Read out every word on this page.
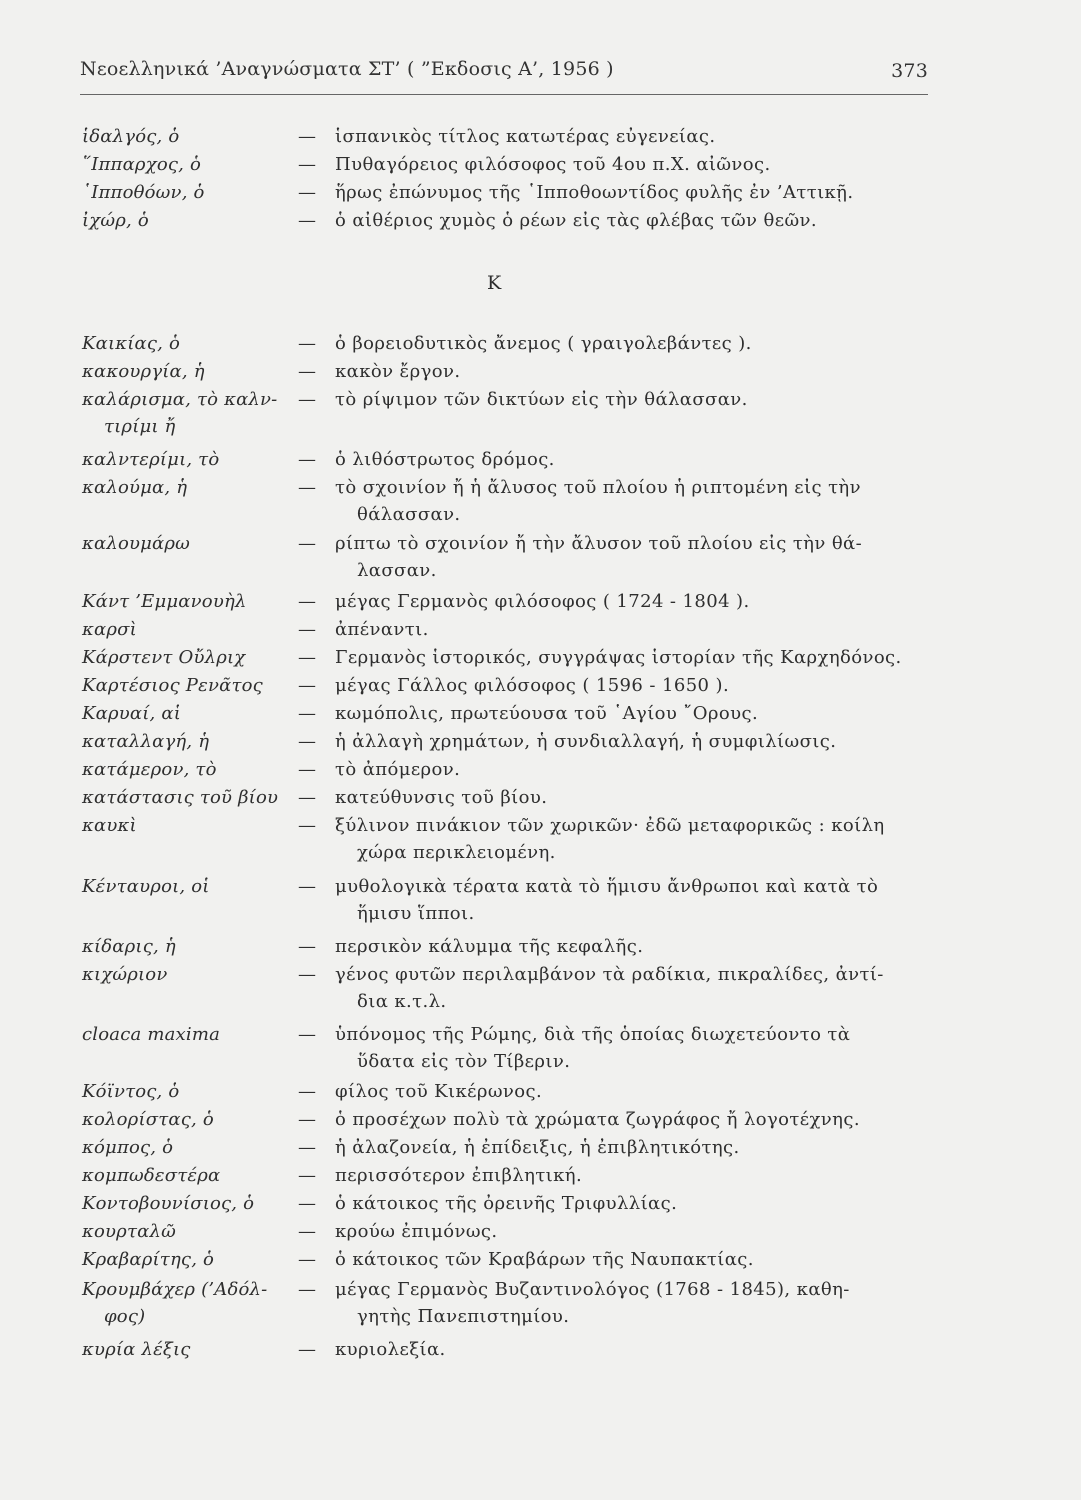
Νεοελληνικά ’Αναγνώσματα ΣΤ’ ( ”Εκδοσις Α’, 1956 )	373
Κ
ἱδαλγός, ὁ	—	ἱσπανικὸς τίτλος κατωτέρας εὐγενείας.
῞Ιππαρχος, ὁ	—	Πυθαγόρειος φιλόσοφος τοῦ 4ου π.Χ. αἰῶνος.
῾Ιπποθόων, ὁ	—	ἥρως ἐπώνυμος τῆς ῾Ιπποθοωντίδος φυλῆς ἐν ’Αττικῇ.
ἰχώρ, ὁ	—	ὁ αἰθέριος χυμὸς ὁ ρέων εἰς τὰς φλέβας τῶν θεῶν.
Καικίας, ὁ	—	ὁ βορειοδυτικὸς ἄνεμος ( γραιγολεβάντες ).
κακουργία, ἡ	—	κακὸν ἔργον.
καλάρισμα, τὸ καλν-
τιρίμι ἤ
—	τὸ ρίψιμον τῶν δικτύων εἰς τὴν θάλασσαν.
καλντερίμι, τὸ	—	ὁ λιθόστρωτος δρόμος.
καλούμα, ἡ	—	τὸ σχοινίον ἤ ἡ ἄλυσος τοῦ πλοίου ἡ ριπτομένη εἰς τὴν
θάλασσαν.
καλουμάρω	—	ρίπτω τὸ σχοινίον ἤ τὴν ἄλυσον τοῦ πλοίου εἰς τὴν θά-
λασσαν.
Κάντ ’Εμμανουὴλ	—	μέγας Γερμανὸς φιλόσοφος ( 1724 - 1804 ).
καρσὶ	—	ἀπέναντι.
Κάρστεντ Οὔλριχ	—	Γερμανὸς ἱστορικός, συγγράψας ἱστορίαν τῆς Καρχηδόνος.
Καρτέσιος Ρενᾶτος	—	μέγας Γάλλος φιλόσοφος ( 1596 - 1650 ).
Καρυαί, αἱ	—	κωμόπολις, πρωτεύουσα τοῦ ῾Αγίου ῎Ορους.
καταλλαγή, ἡ	—	ἡ ἀλλαγὴ χρημάτων, ἡ συνδιαλλαγή, ἡ συμφιλίωσις.
κατάμερον, τὸ	—	τὸ ἀπόμερον.
κατάστασις τοῦ βίου	—	κατεύθυνσις τοῦ βίου.
καυκὶ	—	ξύλινον πινάκιον τῶν χωρικῶν· ἐδῶ μεταφορικῶς : κοίλη
χώρα περικλειομένη.
Κένταυροι, οἱ	—	μυθολογικὰ τέρατα κατὰ τὸ ἥμισυ ἄνθρωποι καὶ κατὰ τὸ
ἥμισυ ἵπποι.
κίδαρις, ἡ	—	περσικὸν κάλυμμα τῆς κεφαλῆς.
κιχώριον	—	γένος φυτῶν περιλαμβάνον τὰ ραδίκια, πικραλίδες, ἀντί-
δια κ.τ.λ.
cloaca maxima	—	ὑπόνομος τῆς Ρώμης, διὰ τῆς ὁποίας διωχετεύοντο τὰ
ὕδατα εἰς τὸν Τίβεριν.
Κόϊντος, ὁ	—	φίλος τοῦ Κικέρωνος.
κολορίστας, ὁ	—	ὁ προσέχων πολὺ τὰ χρώματα ζωγράφος ἤ λογοτέχνης.
κόμπος, ὁ	—	ἡ ἀλαζονεία, ἡ ἐπίδειξις, ἡ ἐπιβλητικότης.
κομπωδεστέρα	—	περισσότερον ἐπιβλητική.
Κοντοβουνίσιος, ὁ	—	ὁ κάτοικος τῆς ὀρεινῆς Τριφυλλίας.
κουρταλῶ	—	κρούω ἐπιμόνως.
Κραβαρίτης, ὁ	—	ὁ κάτοικος τῶν Κραβάρων τῆς Ναυπακτίας.
Κρουμβάχερ (’Αδόλ-
φος)
—	μέγας Γερμανὸς Βυζαντινολόγος (1768 - 1845), καθη-
γητὴς Πανεπιστημίου.
κυρία λέξις	—	κυριολεξία.
